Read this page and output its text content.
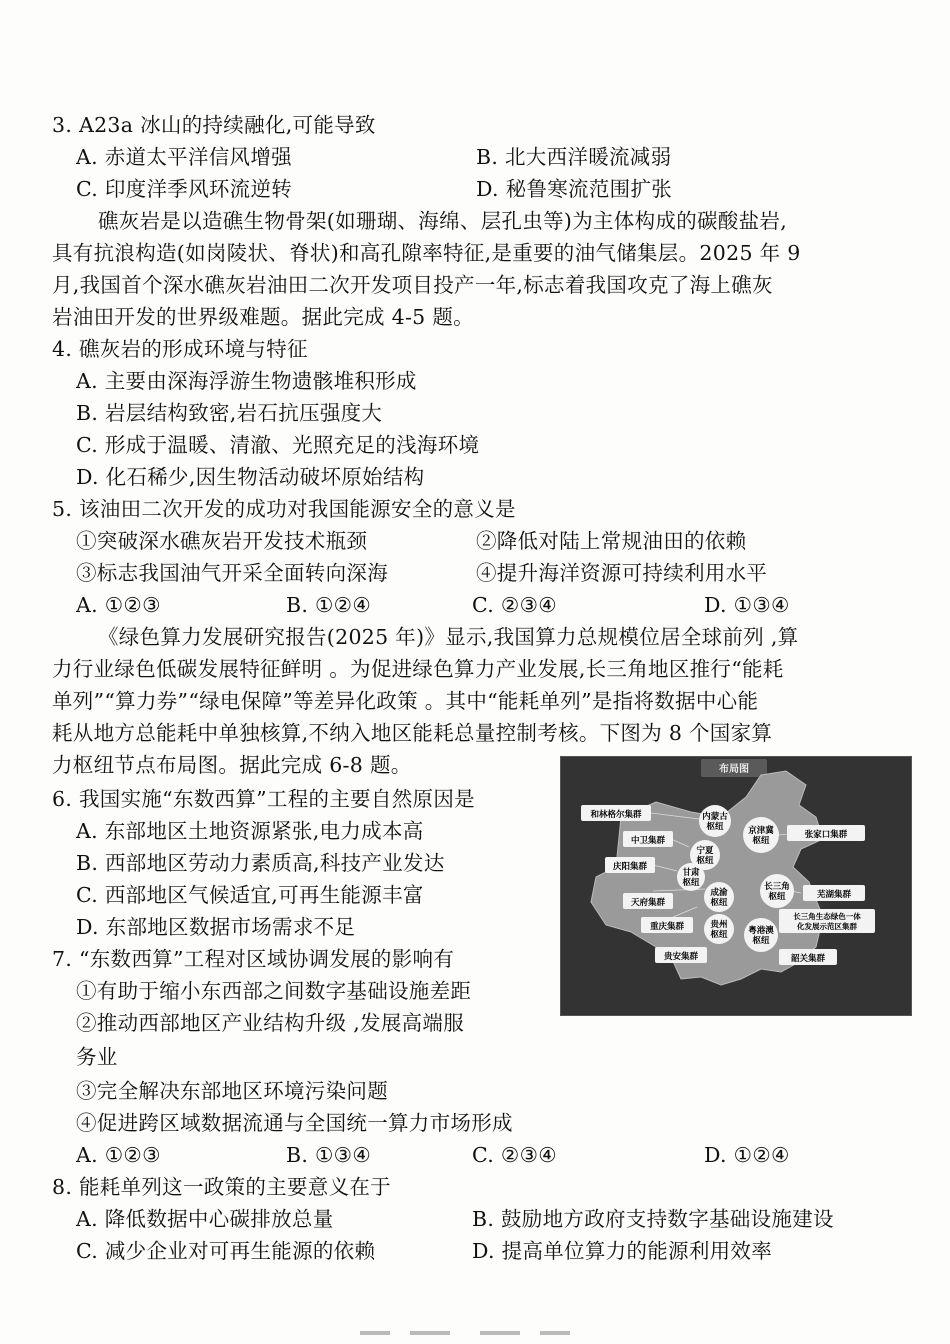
3. A23a 冰山的持续融化,可能导致
A. 赤道太平洋信风增强	B. 北大西洋暖流减弱
C. 印度洋季风环流逆转	D. 秘鲁寒流范围扩张
礁灰岩是以造礁生物骨架(如珊瑚、海绵、层孔虫等)为主体构成的碳酸盐岩,
具有抗浪构造(如岗陵状、脊状)和高孔隙率特征,是重要的油气储集层。2025 年 9
月,我国首个深水礁灰岩油田二次开发项目投产一年,标志着我国攻克了海上礁灰
岩油田开发的世界级难题。据此完成 4-5 题。
4. 礁灰岩的形成环境与特征
A. 主要由深海浮游生物遗骸堆积形成
B. 岩层结构致密,岩石抗压强度大
C. 形成于温暖、清澈、光照充足的浅海环境
D. 化石稀少,因生物活动破坏原始结构
5. 该油田二次开发的成功对我国能源安全的意义是
①突破深水礁灰岩开发技术瓶颈	②降低对陆上常规油田的依赖
③标志我国油气开采全面转向深海	④提升海洋资源可持续利用水平
A. ①②③	B. ①②④	C. ②③④	D. ①③④
《绿色算力发展研究报告(2025 年)》显示,我国算力总规模位居全球前列 ,算
力行业绿色低碳发展特征鲜明 。为促进绿色算力产业发展,长三角地区推行“能耗
单列”“算力券”“绿电保障”等差异化政策 。其中“能耗单列”是指将数据中心能
耗从地方总能耗中单独核算,不纳入地区能耗总量控制考核。下图为 8 个国家算
力枢纽节点布局图。据此完成 6-8 题。	布局图
和林格尔集群	内蒙古
枢纽	京津冀
枢纽
张家口集群
中卫集群
宁夏
枢纽
庆阳集群
甘肃
枢纽
成渝
枢纽
长三角
枢纽	芜湖集群
天府集群
重庆集群	贵州
枢纽 粤港澳
枢纽
长三角生态绿色一体
化发展示范区集群
贵安集群	韶关集群
6. 我国实施“东数西算”工程的主要自然原因是
A. 东部地区土地资源紧张,电力成本高
B. 西部地区劳动力素质高,科技产业发达
C. 西部地区气候适宜,可再生能源丰富
D. 东部地区数据市场需求不足
7. “东数西算”工程对区域协调发展的影响有
①有助于缩小东西部之间数字基础设施差距
②推动西部地区产业结构升级 ,发展高端服
务业
③完全解决东部地区环境污染问题
④促进跨区域数据流通与全国统一算力市场形成
A. ①②③	B. ①③④	C. ②③④	D. ①②④
8. 能耗单列这一政策的主要意义在于
A. 降低数据中心碳排放总量	B. 鼓励地方政府支持数字基础设施建设
C. 减少企业对可再生能源的依赖	D. 提高单位算力的能源利用效率
